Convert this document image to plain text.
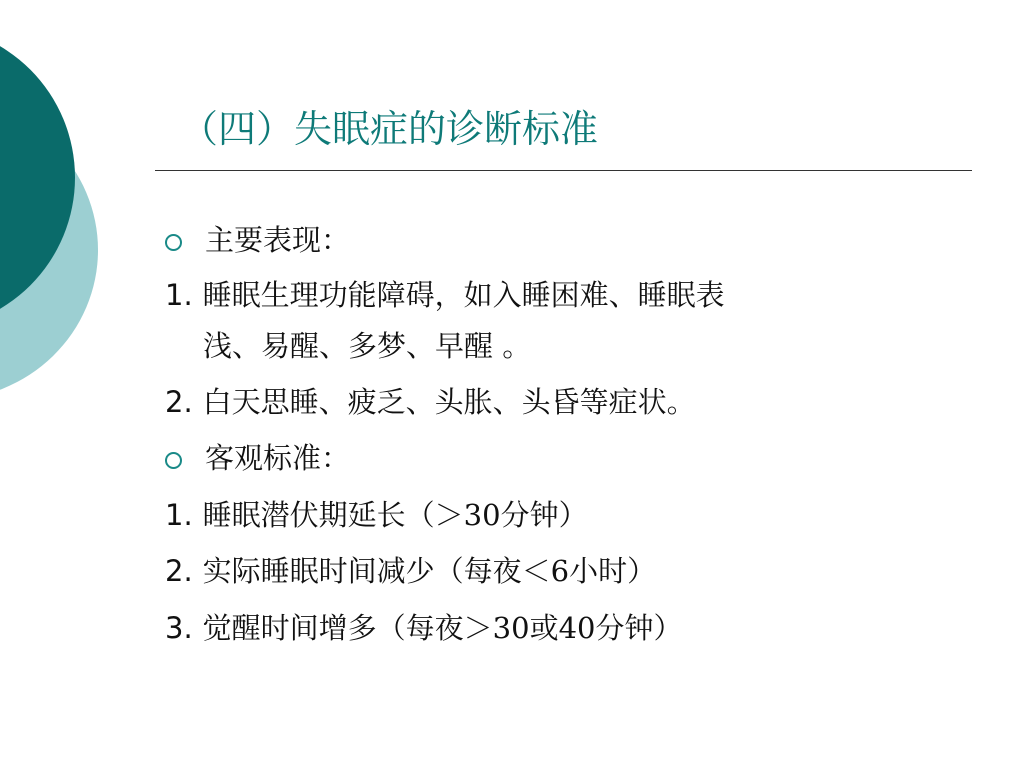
（四）失眠症的诊断标准
主要表现：
1. 睡眠生理功能障碍，如入睡困难、睡眠表
浅、易醒、多梦、早醒 。
2. 白天思睡、疲乏、头胀、头昏等症状。
客观标准：
1. 睡眠潜伏期延长（＞30分钟）
2. 实际睡眠时间减少（每夜＜6小时）
3. 觉醒时间增多（每夜＞30或40分钟）
